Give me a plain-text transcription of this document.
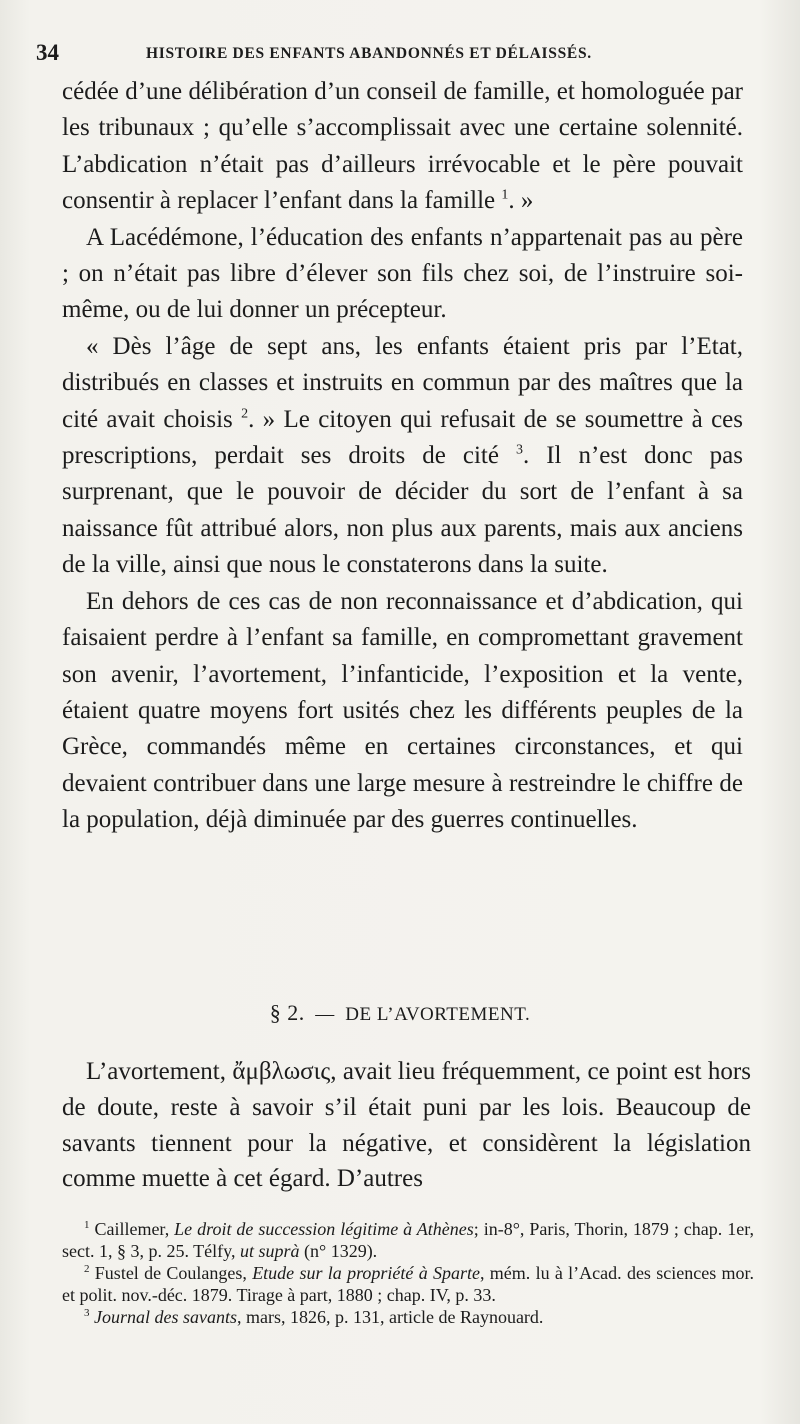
34	HISTOIRE DES ENFANTS ABANDONNÉS ET DÉLAISSÉS.

cédée d’une délibération d’un conseil de famille, et homologuée par les tribunaux ; qu’elle s’accomplissait avec une certaine solennité. L’abdication n’était pas d’ailleurs irrévocable et le père pouvait consentir à replacer l’enfant dans la famille $^1$. »

A Lacédémone, l’éducation des enfants n’appartenait pas au père ; on n’était pas libre d’élever son fils chez soi, de l’instruire soi-même, ou de lui donner un précepteur.

« Dès l’âge de sept ans, les enfants étaient pris par l’Etat, distribués en classes et instruits en commun par des maîtres que la cité avait choisis $^2$. » Le citoyen qui refusait de se soumettre à ces prescriptions, perdait ses droits de cité $^3$. Il n’est donc pas surprenant, que le pouvoir de décider du sort de l’enfant à sa naissance fût attribué alors, non plus aux parents, mais aux anciens de la ville, ainsi que nous le constaterons dans la suite.

En dehors de ces cas de non reconnaissance et d’abdication, qui faisaient perdre à l’enfant sa famille, en compromettant gravement son avenir, l’avortement, l’infanticide, l’exposition et la vente, étaient quatre moyens fort usités chez les différents peuples de la Grèce, commandés même en certaines circonstances, et qui devaient contribuer dans une large mesure à restreindre le chiffre de la population, déjà diminuée par des guerres continuelles.

§ 2. — DE L’AVORTEMENT.

L’avortement, ἄμβλωσις, avait lieu fréquemment, ce point est hors de doute, reste à savoir s’il était puni par les lois. Beaucoup de savants tiennent pour la négative, et considèrent la législation comme muette à cet égard. D’autres

$^1$ Caillemer, Le droit de succession légitime à Athènes; in-8°, Paris, Thorin, 1879 ; chap. 1er, sect. 1, § 3, p. 25. Télfy, ut suprà (n° 1329).

$^2$ Fustel de Coulanges, Etude sur la propriété à Sparte, mém. lu à l’Acad. des sciences mor. et polit. nov.-déc. 1879. Tirage à part, 1880 ; chap. IV, p. 33.

$^3$ Journal des savants, mars, 1826, p. 131, article de Raynouard.
